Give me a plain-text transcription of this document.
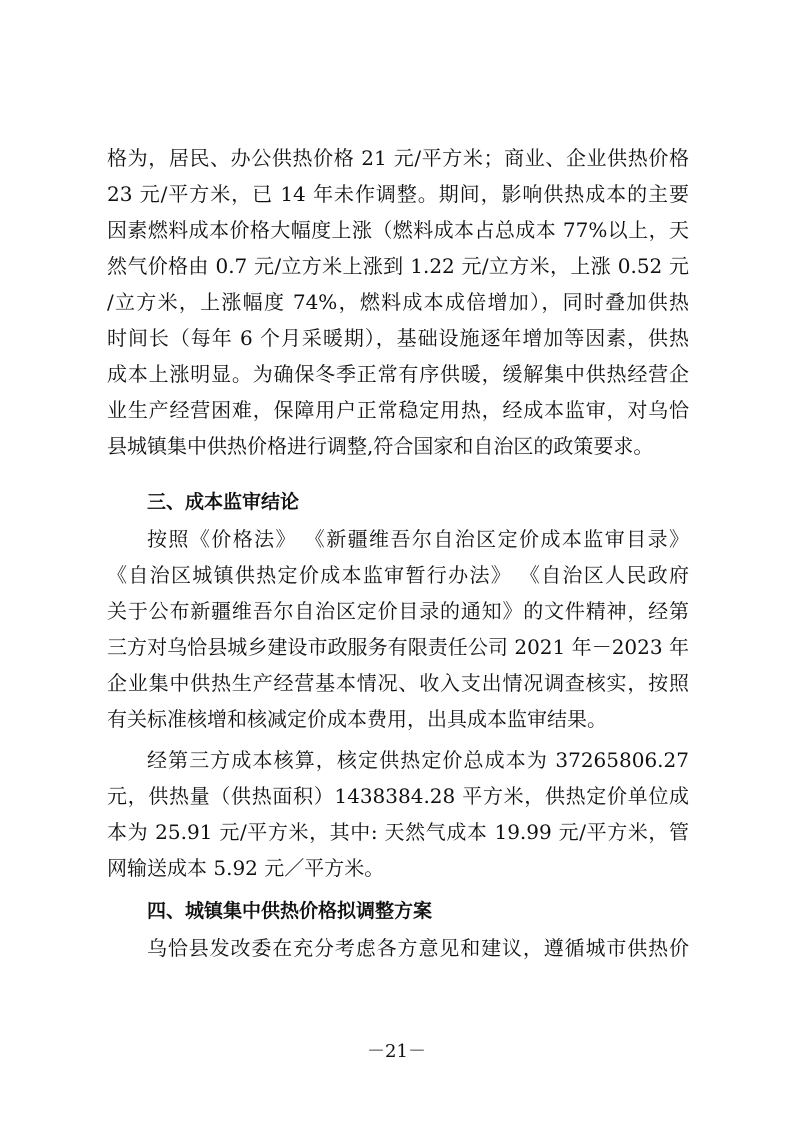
格为，居民、办公供热价格 21 元/平方米；商业、企业供热价格
23 元/平方米，已 14 年未作调整。期间，影响供热成本的主要
因素燃料成本价格大幅度上涨（燃料成本占总成本 77%以上，天
然气价格由 0.7 元/立方米上涨到 1.22 元/立方米，上涨 0.52 元
/立方米，上涨幅度 74%，燃料成本成倍增加），同时叠加供热
时间长（每年 6 个月采暖期），基础设施逐年增加等因素，供热
成本上涨明显。为确保冬季正常有序供暖，缓解集中供热经营企
业生产经营困难，保障用户正常稳定用热，经成本监审，对乌恰
县城镇集中供热价格进行调整,符合国家和自治区的政策要求。
三、成本监审结论
按照《价格法》 《新疆维吾尔自治区定价成本监审目录》
《自治区城镇供热定价成本监审暂行办法》 《自治区人民政府
关于公布新疆维吾尔自治区定价目录的通知》的文件精神，经第
三方对乌恰县城乡建设市政服务有限责任公司 2021 年－2023 年
企业集中供热生产经营基本情况、收入支出情况调查核实，按照
有关标准核增和核减定价成本费用，出具成本监审结果。
经第三方成本核算，核定供热定价总成本为 37265806.27
元，供热量（供热面积）1438384.28 平方米，供热定价单位成
本为 25.91 元/平方米，其中: 天然气成本 19.99 元/平方米，管
网输送成本 5.92 元／平方米。
四、城镇集中供热价格拟调整方案
乌恰县发改委在充分考虑各方意见和建议，遵循城市供热价
－21－
